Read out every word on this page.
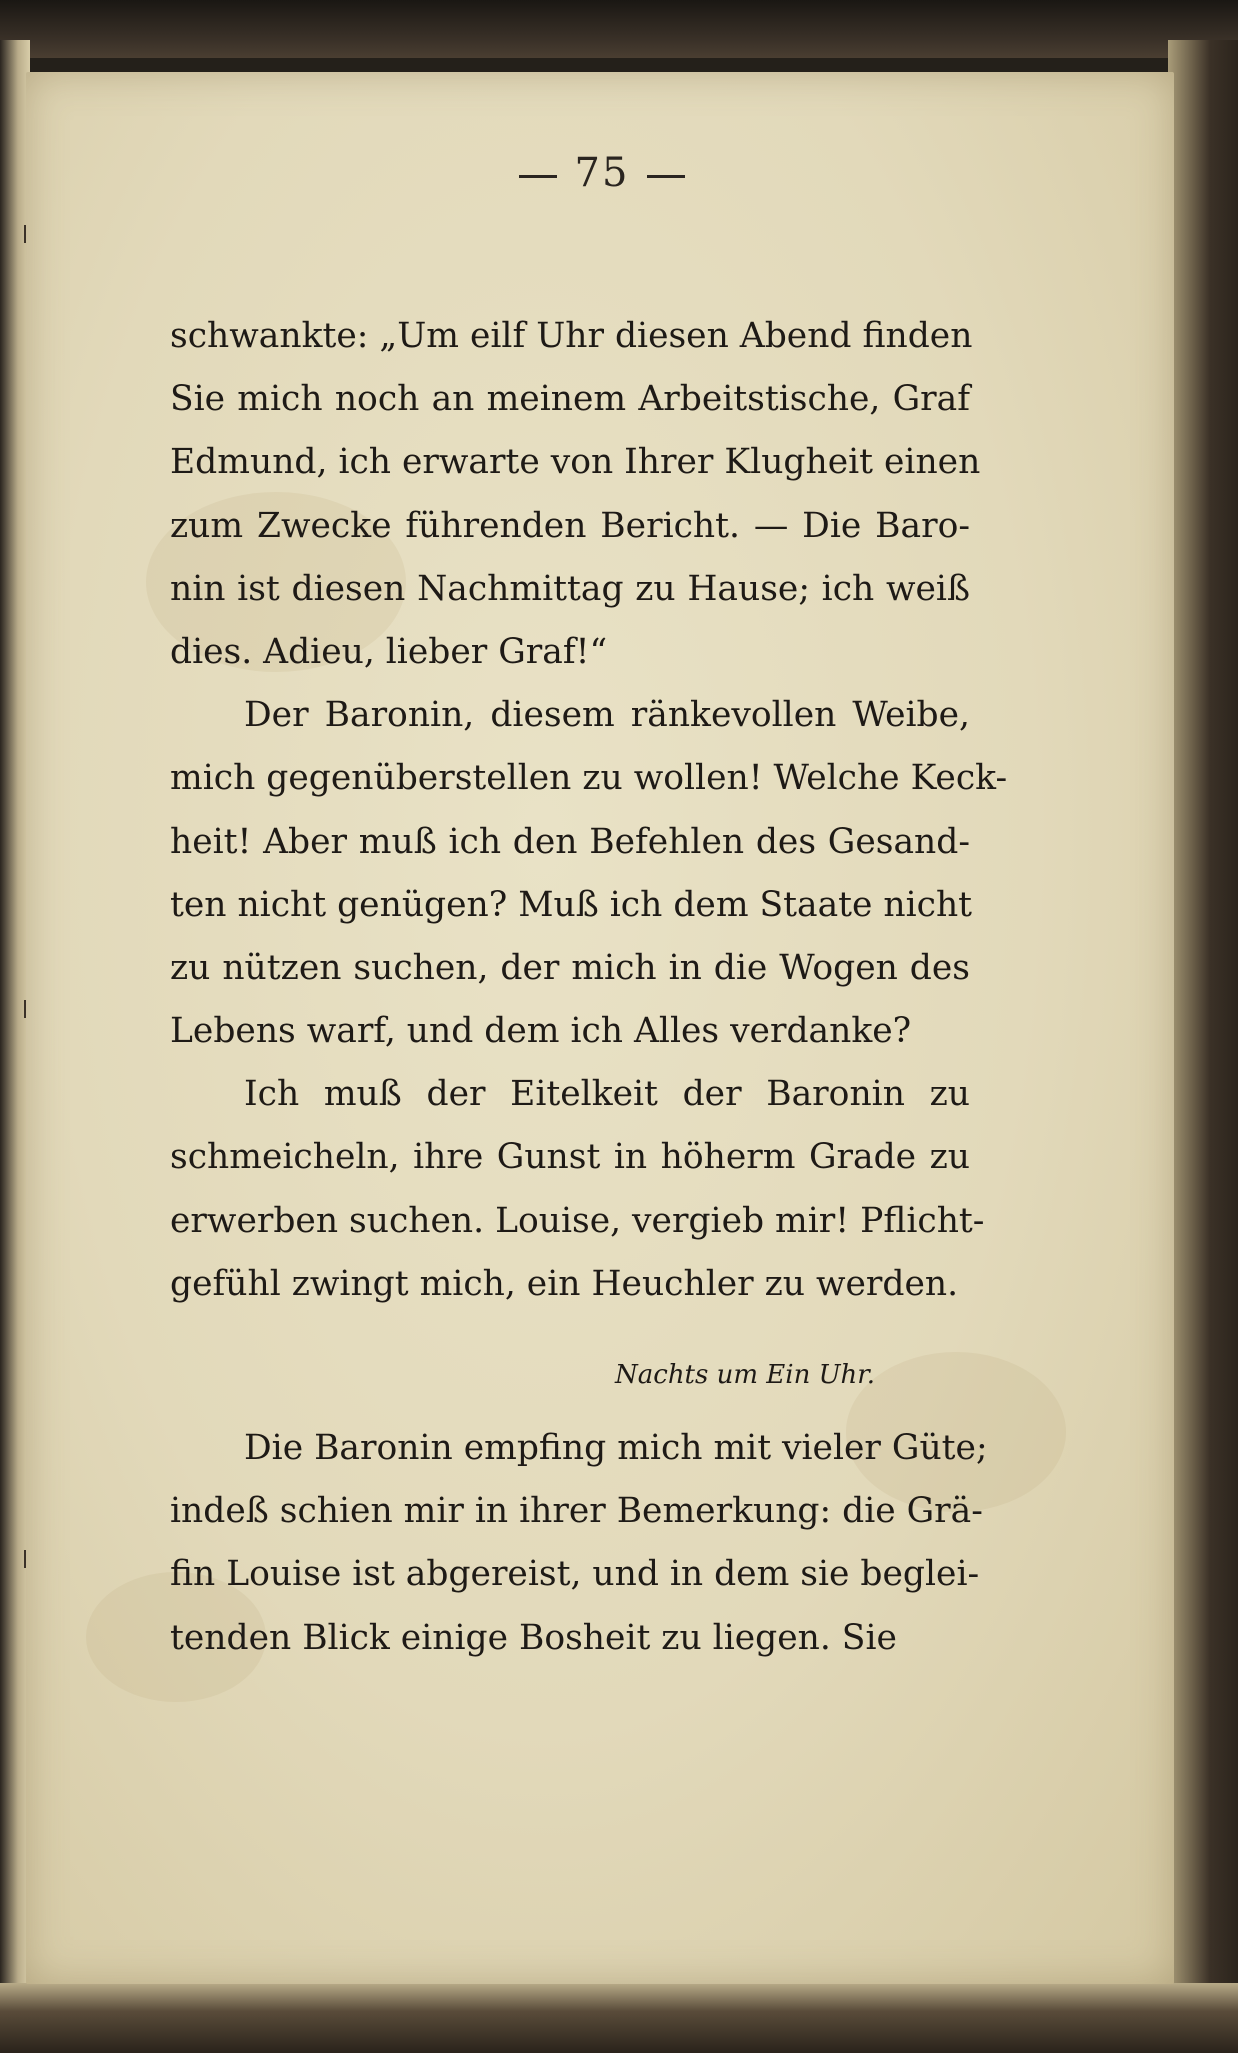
75
schwankte: „Um eilf Uhr diesen Abend finden
Sie mich noch an meinem Arbeitstische, Graf
Edmund, ich erwarte von Ihrer Klugheit einen
zum Zwecke führenden Bericht. — Die Baro-
nin ist diesen Nachmittag zu Hause; ich weiß
dies. Adieu, lieber Graf!“
Der Baronin, diesem ränkevollen Weibe,
mich gegenüberstellen zu wollen! Welche Keck-
heit! Aber muß ich den Befehlen des Gesand-
ten nicht genügen? Muß ich dem Staate nicht
zu nützen suchen, der mich in die Wogen des
Lebens warf, und dem ich Alles verdanke?
Ich muß der Eitelkeit der Baronin zu
schmeicheln, ihre Gunst in höherm Grade zu
erwerben suchen. Louise, vergieb mir! Pflicht-
gefühl zwingt mich, ein Heuchler zu werden.
Nachts um Ein Uhr.
Die Baronin empfing mich mit vieler Güte;
indeß schien mir in ihrer Bemerkung: die Grä-
fin Louise ist abgereist, und in dem sie beglei-
tenden Blick einige Bosheit zu liegen. Sie
